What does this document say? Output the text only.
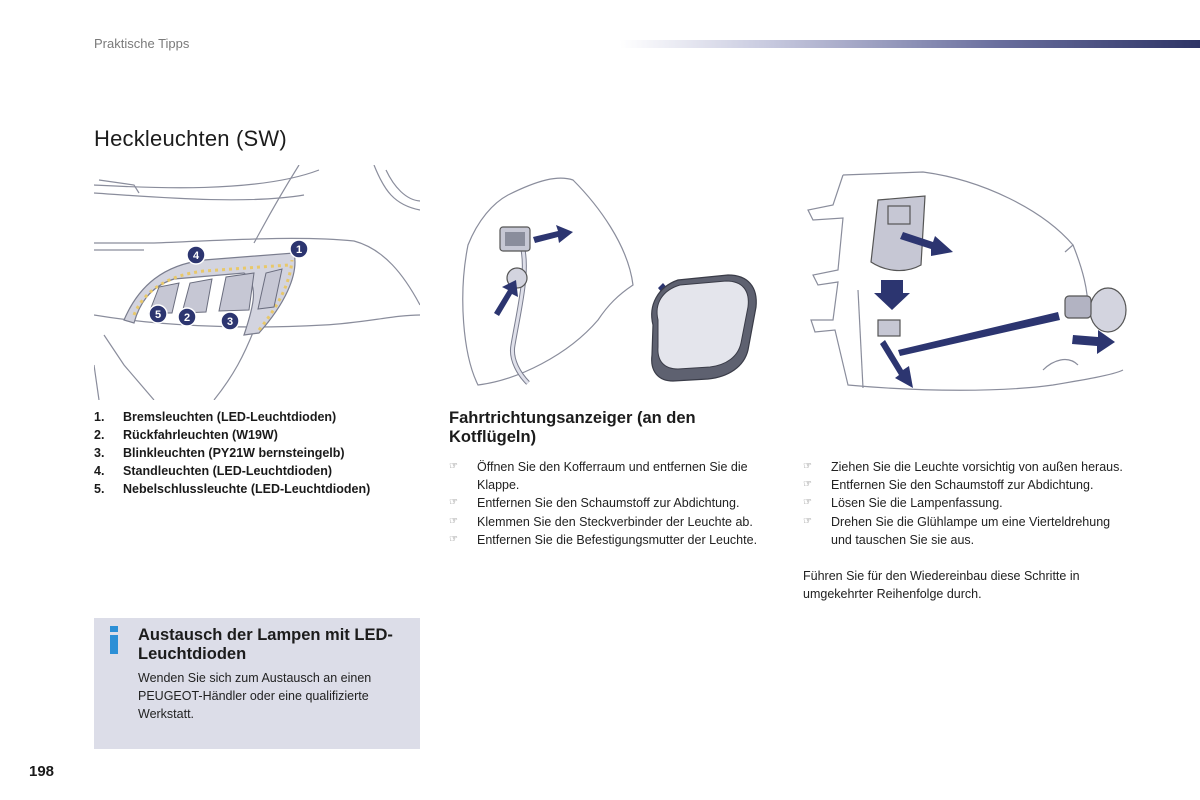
Praktische Tipps
Heckleuchten (SW)
1
2	3
4
5
1.	Bremsleuchten (LED-Leuchtdioden)
2.	Rückfahrleuchten (W19W)
3.	Blinkleuchten (PY21W bernsteingelb)
4.	Standleuchten (LED-Leuchtdioden)
5.	Nebelschlussleuchte (LED-Leuchtdioden)
Fahrtrichtungsanzeiger (an den Kotflügeln)
☞ Öffnen Sie den Kofferraum und entfernen Sie die Klappe.
☞ Entfernen Sie den Schaumstoff zur Abdichtung.
☞ Klemmen Sie den Steckverbinder der Leuchte ab.
☞ Entfernen Sie die Befestigungsmutter der Leuchte.
☞ Ziehen Sie die Leuchte vorsichtig von außen heraus.
☞ Entfernen Sie den Schaumstoff zur Abdichtung.
☞ Lösen Sie die Lampenfassung.
☞ Drehen Sie die Glühlampe um eine Vierteldrehung und tauschen Sie sie aus.
Führen Sie für den Wiedereinbau diese Schritte in umgekehrter Reihenfolge durch.
Austausch der Lampen mit LED-Leuchtdioden
Wenden Sie sich zum Austausch an einen PEUGEOT-Händler oder eine qualifizierte Werkstatt.
198
